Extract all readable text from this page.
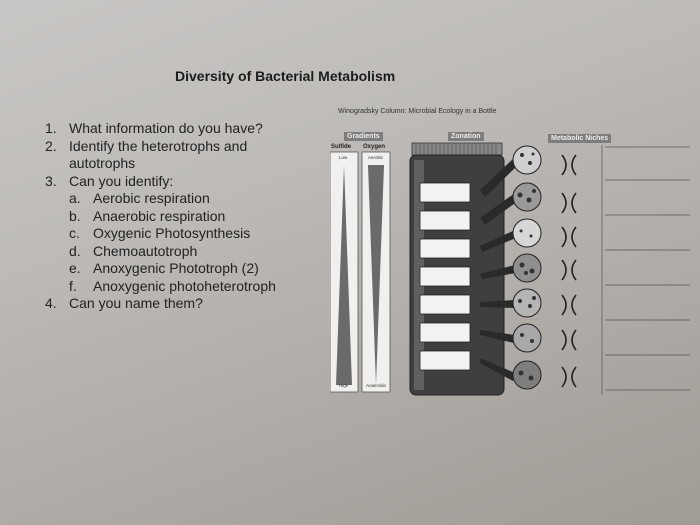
Diversity of Bacterial Metabolism
1. What information do you have?
2. Identify the heterotrophs and
autotrophs
3. Can you identify:
a. Aerobic respiration
b. Anaerobic respiration
c. Oxygenic Photosynthesis
d. Chemoautotroph
e. Anoxygenic Phototroph (2)
f. Anoxygenic photoheterotroph
4. Can you name them?
Winogradsky Column: Microbial Ecology in a Bottle
Gradients	Zonation	Metabolic Niches
Sulfide Oxygen
Low	Aerobic
High	Anaerobic
